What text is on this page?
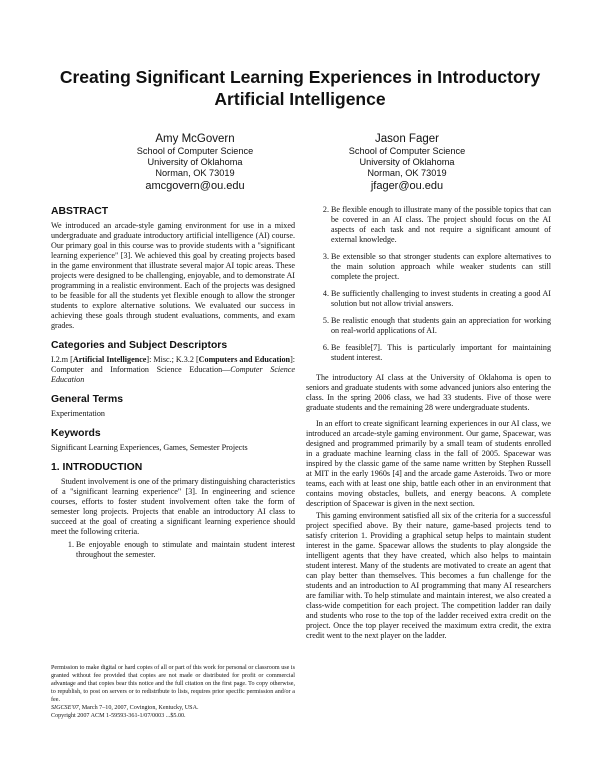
Creating Significant Learning Experiences in Introductory
Artificial Intelligence
Amy McGovern
School of Computer Science
University of Oklahoma
Norman, OK 73019
amcgovern@ou.edu
Jason Fager
School of Computer Science
University of Oklahoma
Norman, OK 73019
jfager@ou.edu
ABSTRACT

We introduced an arcade-style gaming environment for use in a mixed undergraduate and graduate introductory artificial intelligence (AI) course. Our primary goal in this course was to provide students with a "significant learning experience" [3]. We achieved this goal by creating projects based in the game environment that illustrate several major AI topic areas. These projects were designed to be challenging, enjoyable, and to demonstrate AI programming in a realistic environment. Each of the projects was designed to be feasible for all the students yet flexible enough to allow the stronger students to explore alternative solutions. We evaluated our success in achieving these goals through student evaluations, comments, and exam grades.

Categories and Subject Descriptors

I.2.m [Artificial Intelligence]: Misc.; K.3.2 [Computers and Education]: Computer and Information Science Education—Computer Science Education

General Terms

Experimentation

Keywords

Significant Learning Experiences, Games, Semester Projects

1. INTRODUCTION

Student involvement is one of the primary distinguishing characteristics of a "significant learning experience" [3]. In engineering and science courses, efforts to foster student involvement often take the form of semester long projects. Projects that enable an introductory AI class to succeed at the goal of creating a significant learning experience should meet the following criteria.

1. Be enjoyable enough to stimulate and maintain student interest throughout the semester.

Permission to make digital or hard copies of all or part of this work for personal or classroom use is granted without fee provided that copies are not made or distributed for profit or commercial advantage and that copies bear this notice and the full citation on the first page. To copy otherwise, to republish, to post on servers or to redistribute to lists, requires prior specific permission and/or a fee.

SIGCSE'07, March 7–10, 2007, Covington, Kentucky, USA.

Copyright 2007 ACM 1-59593-361-1/07/0003 ...$5.00.

2. Be flexible enough to illustrate many of the possible topics that can be covered in an AI class. The project should focus on the AI aspects of each task and not require a significant amount of external knowledge.
3. Be extensible so that stronger students can explore alternatives to the main solution approach while weaker students can still complete the project.
4. Be sufficiently challenging to invest students in creating a good AI solution but not allow trivial answers.
5. Be realistic enough that students gain an appreciation for working on real-world applications of AI.
6. Be feasible[7]. This is particularly important for maintaining student interest.

The introductory AI class at the University of Oklahoma is open to seniors and graduate students with some advanced juniors also entering the class. In the spring 2006 class, we had 33 students. Five of those were graduate students and the remaining 28 were undergraduate students.

In an effort to create significant learning experiences in our AI class, we introduced an arcade-style gaming environment. Our game, Spacewar, was designed and programmed primarily by a small team of students enrolled in a graduate machine learning class in the fall of 2005. Spacewar was inspired by the classic game of the same name written by Stephen Russell at MIT in the early 1960s [4] and the arcade game Asteroids. Two or more teams, each with at least one ship, battle each other in an environment that contains moving obstacles, bullets, and energy beacons. A complete description of Spacewar is given in the next section.

This gaming environment satisfied all six of the criteria for a successful project specified above. By their nature, game-based projects tend to satisfy criterion 1. Providing a graphical setup helps to maintain student interest in the game. Spacewar allows the students to play alongside the intelligent agents that they have created, which also helps to maintain student interest. Many of the students are motivated to create an agent that can play better than themselves. This becomes a fun challenge for the students and an introduction to AI programming that many AI researchers are familiar with. To help stimulate and maintain interest, we also created a class-wide competition for each project. The competition ladder ran daily and students who rose to the top of the ladder received extra credit on the project. Once the top player received the maximum extra credit, the extra credit went to the next player on the ladder.
